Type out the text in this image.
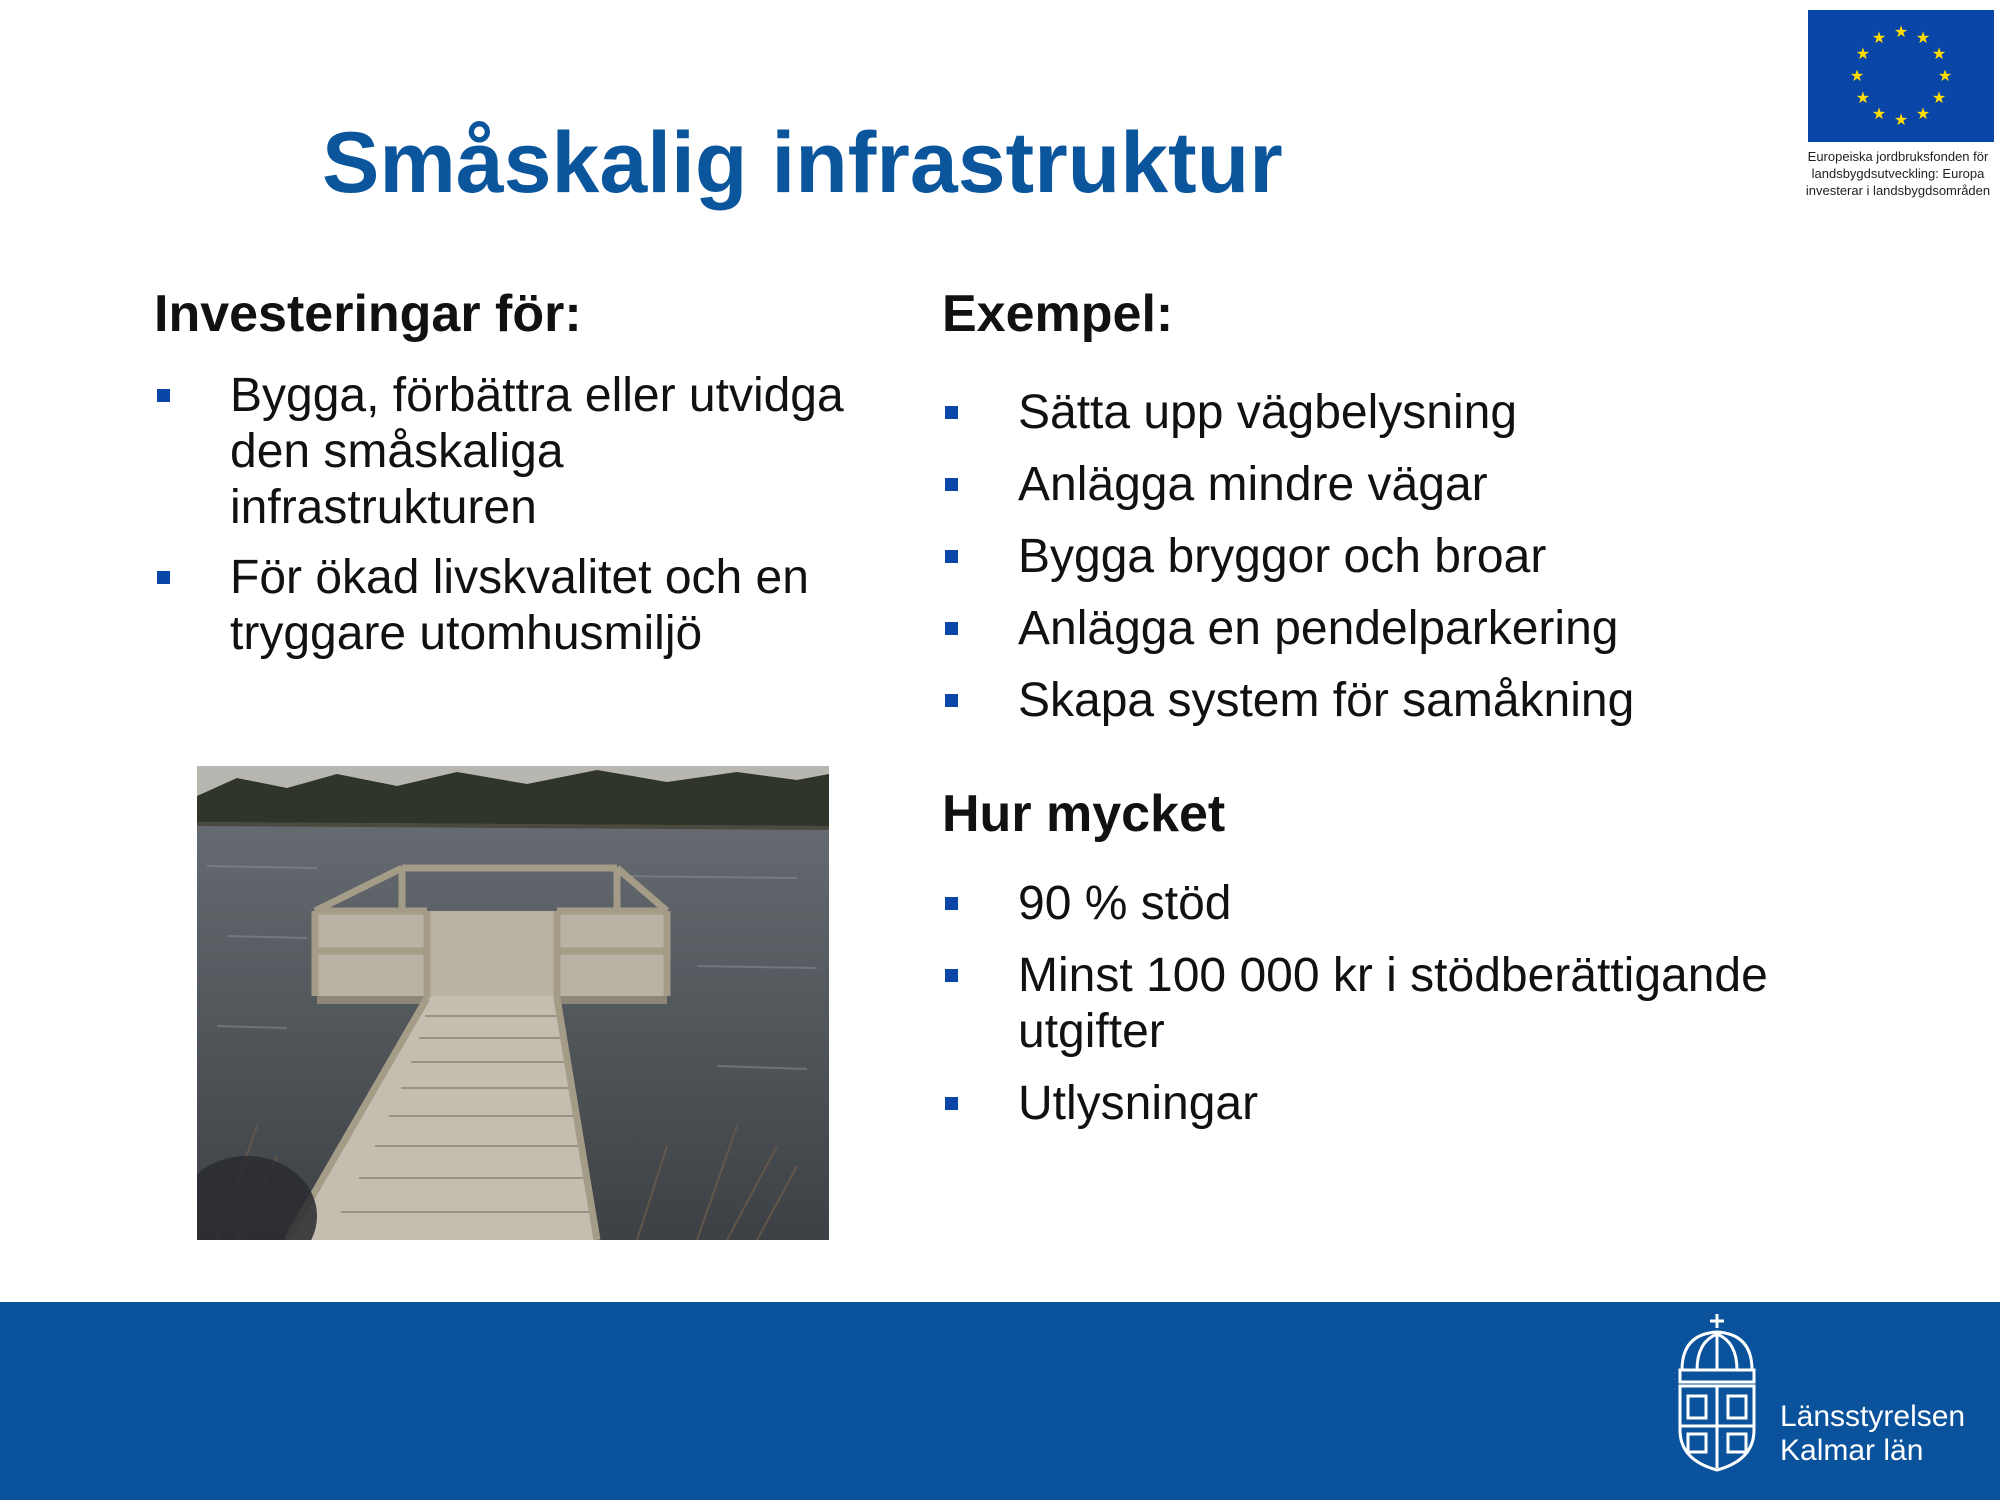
Småskalig infrastruktur
★ ★
★
★
★
★
★
★
★
★
★
★
Europeiska jordbruksfonden för
landsbygdsutveckling: Europa
investerar i landsbygdsområden
Investeringar för:
Bygga, förbättra eller utvidga den småskaliga infrastrukturen
För ökad livskvalitet och en tryggare utomhusmiljö
Exempel:
Sätta upp vägbelysning
Anlägga mindre vägar
Bygga bryggor och broar
Anlägga en pendelparkering
Skapa system för samåkning
Hur mycket
90 % stöd
Minst 100 000 kr i stödberättigande utgifter
Utlysningar
Länsstyrelsen
Kalmar län
